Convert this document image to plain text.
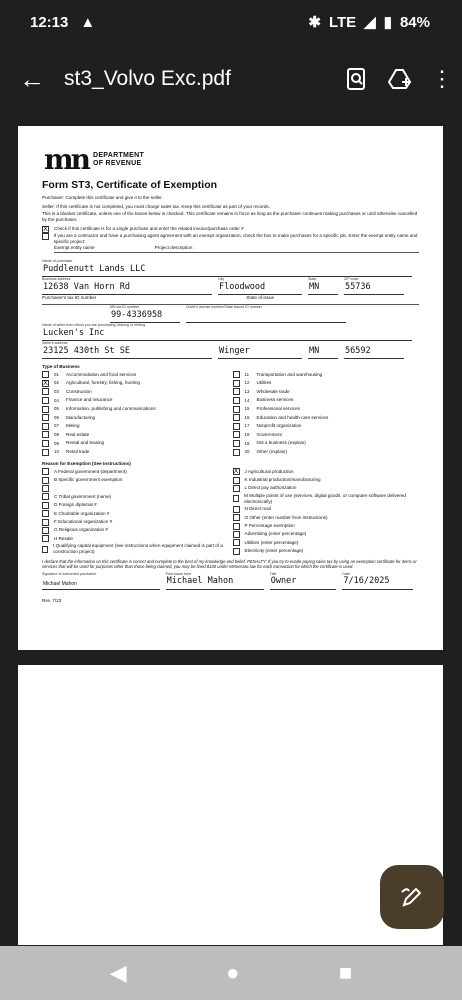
12:13 ▲	✱ LTE ◢ ▮ 84%
← st3_Volvo Exc.pdf	⋮
mn DEPARTMENT
OF REVENUE
Form ST3, Certificate of Exemption
Purchaser: Complete this certificate and give it to the seller.
Seller: If this certificate is not completed, you must charge sales tax. Keep this certificate as part of your records.
This is a blanket certificate, unless one of the boxes below is checked. This certificate remains in force as long as the purchaser continues making purchases or until otherwise cancelled by the purchaser.
X Check if this certificate is for a single purchase and enter the related invoice/purchase order #
If you are a contractor and have a purchasing agent agreement with an exempt organization, check the box to make purchases for a specific job. Enter the exempt entity name and specific project:
Exempt entity name	Project description
Name of purchaser
Puddlenutt Lands LLC
Business address
12638 Van Horn Rd
City
Floodwood
State
MN
ZIP code
55736
Purchaser's tax ID number	State of issue
MN tax ID number
99-4336958
Driver's license number/State issued ID number
Name of seller from whom you are purchasing, leasing or renting
Lucken's Inc
Seller's address
23125 430th St SE	Winger	MN	56592
Type of Business
01	Accommodation and food services
X 02	Agricultural, forestry, fishing, hunting
03	Construction
04	Finance and insurance
05	Information, publishing and communications
06	Manufacturing
07	Mining
08	Real estate
09	Rental and leasing
10	Retail trade
11	Transportation and warehousing
12	Utilities
13	Wholesale trade
14	Business services
15	Professional services
16	Education and health-care services
17	Nonprofit organization
18	Government
19	Not a business (explain)
20	Other (explain)
Reason for Exemption (See Instructions)
A Federal government (department)
B Specific government exemption
C Tribal government (name)
D Foreign diplomat #
E Charitable organization #
F Educational organization #
G Religious organization #
H Resale
I Qualifying capital equipment (see instructions when equipment claimed is part of a construction project)
X J Agricultural production
K Industrial production/manufacturing
L Direct pay authorization
M Multiple points of use (services, digital goods, or computer software delivered electronically)
N Direct mail
O Other (enter number from instructions)
P Percentage exemption
Advertising (enter percentage)
Utilities (enter percentage)
Electricity (enter percentage)
I declare that the information on this certificate is correct and complete to the best of my knowledge and belief. PENALTY: If you try to evade paying sales tax by using an exemption certificate for items or services that will be used for purposes other than those being claimed, you may be fined $100 under Minnesota law for each transaction for which the certificate is used.
Signature of authorized purchaser
Michael Mahon
Print name here
Michael Mahon
Title
Owner
Date
7/16/2025
Rev. 7/23
◀	●	■
